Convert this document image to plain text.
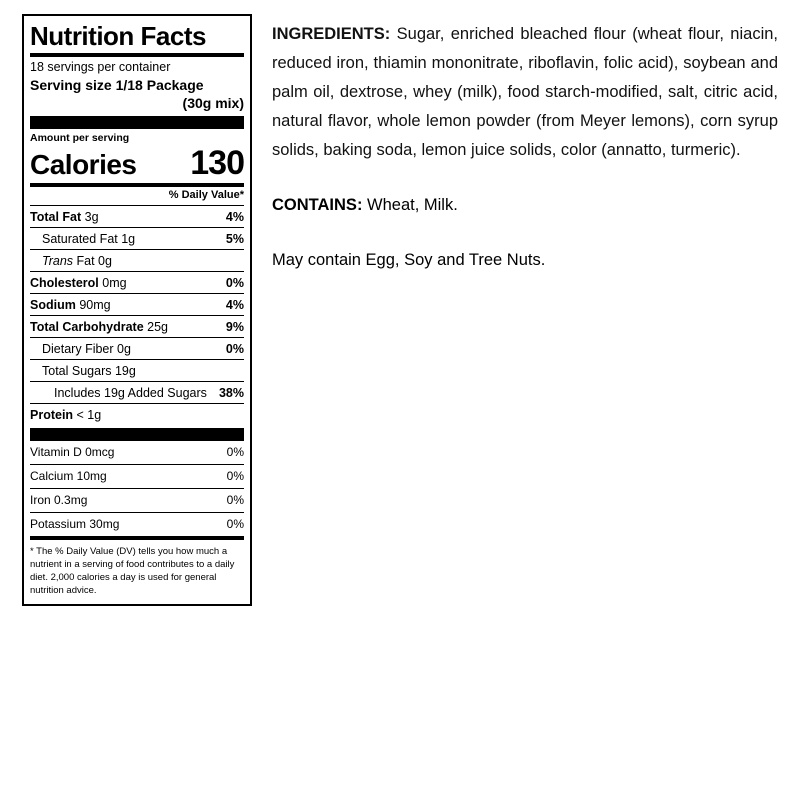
Nutrition Facts
18 servings per container
Serving size 1/18 Package
(30g mix)
Amount per serving
Calories 130
% Daily Value*
Total Fat 3g	4%
Saturated Fat 1g	5%
Trans Fat 0g
Cholesterol 0mg	0%
Sodium 90mg	4%
Total Carbohydrate 25g	9%
Dietary Fiber 0g	0%
Total Sugars 19g
Includes 19g Added Sugars 38%
Protein < 1g
Vitamin D 0mcg	0%
Calcium 10mg	0%
Iron 0.3mg	0%
Potassium 30mg	0%
* The % Daily Value (DV) tells you how much a nutrient in a serving of food contributes to a daily diet. 2,000 calories a day is used for general nutrition advice.
INGREDIENTS: Sugar, enriched bleached flour (wheat flour, niacin, reduced iron, thiamin mononitrate, riboflavin, folic acid), soybean and palm oil, dextrose, whey (milk), food starch-modified, salt, citric acid, natural flavor, whole lemon powder (from Meyer lemons), corn syrup solids, baking soda, lemon juice solids, color (annatto, turmeric).
CONTAINS: Wheat, Milk.
May contain Egg, Soy and Tree Nuts.
